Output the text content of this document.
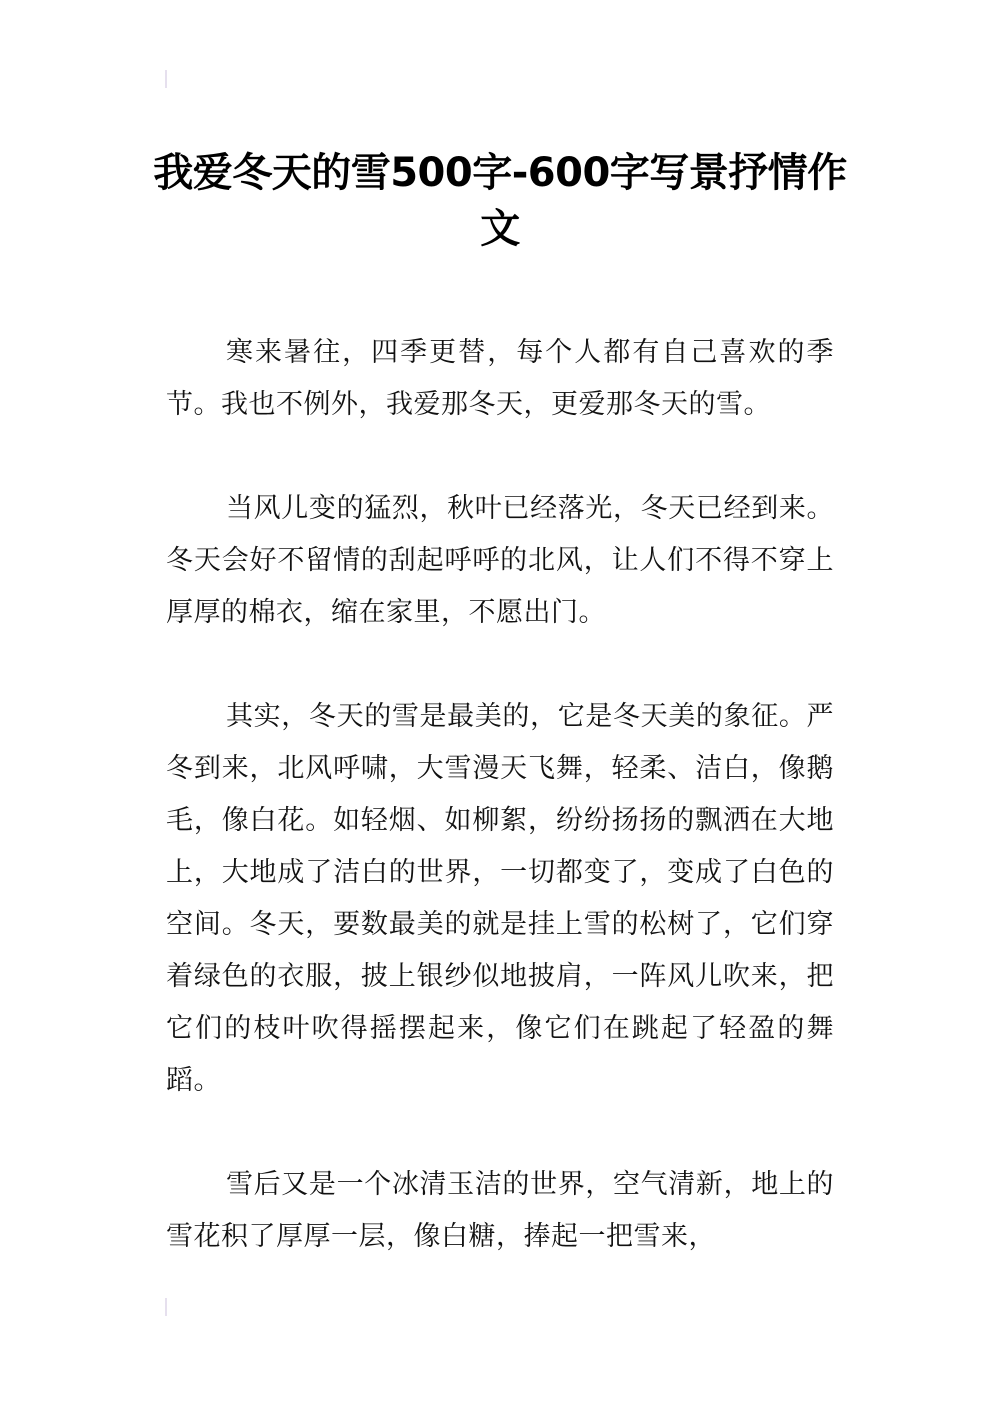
我爱冬天的雪500字-600字写景抒情作文

寒来暑往，四季更替，每个人都有自己喜欢的季节。我也不例外，我爱那冬天，更爱那冬天的雪。

当风儿变的猛烈，秋叶已经落光，冬天已经到来。冬天会好不留情的刮起呼呼的北风，让人们不得不穿上厚厚的棉衣，缩在家里，不愿出门。

其实，冬天的雪是最美的，它是冬天美的象征。严冬到来，北风呼啸，大雪漫天飞舞，轻柔、洁白，像鹅毛，像白花。如轻烟、如柳絮，纷纷扬扬的飘洒在大地上，大地成了洁白的世界，一切都变了，变成了白色的空间。冬天，要数最美的就是挂上雪的松树了，它们穿着绿色的衣服，披上银纱似地披肩，一阵风儿吹来，把它们的枝叶吹得摇摆起来，像它们在跳起了轻盈的舞蹈。

雪后又是一个冰清玉洁的世界，空气清新，地上的雪花积了厚厚一层，像白糖，捧起一把雪来，
